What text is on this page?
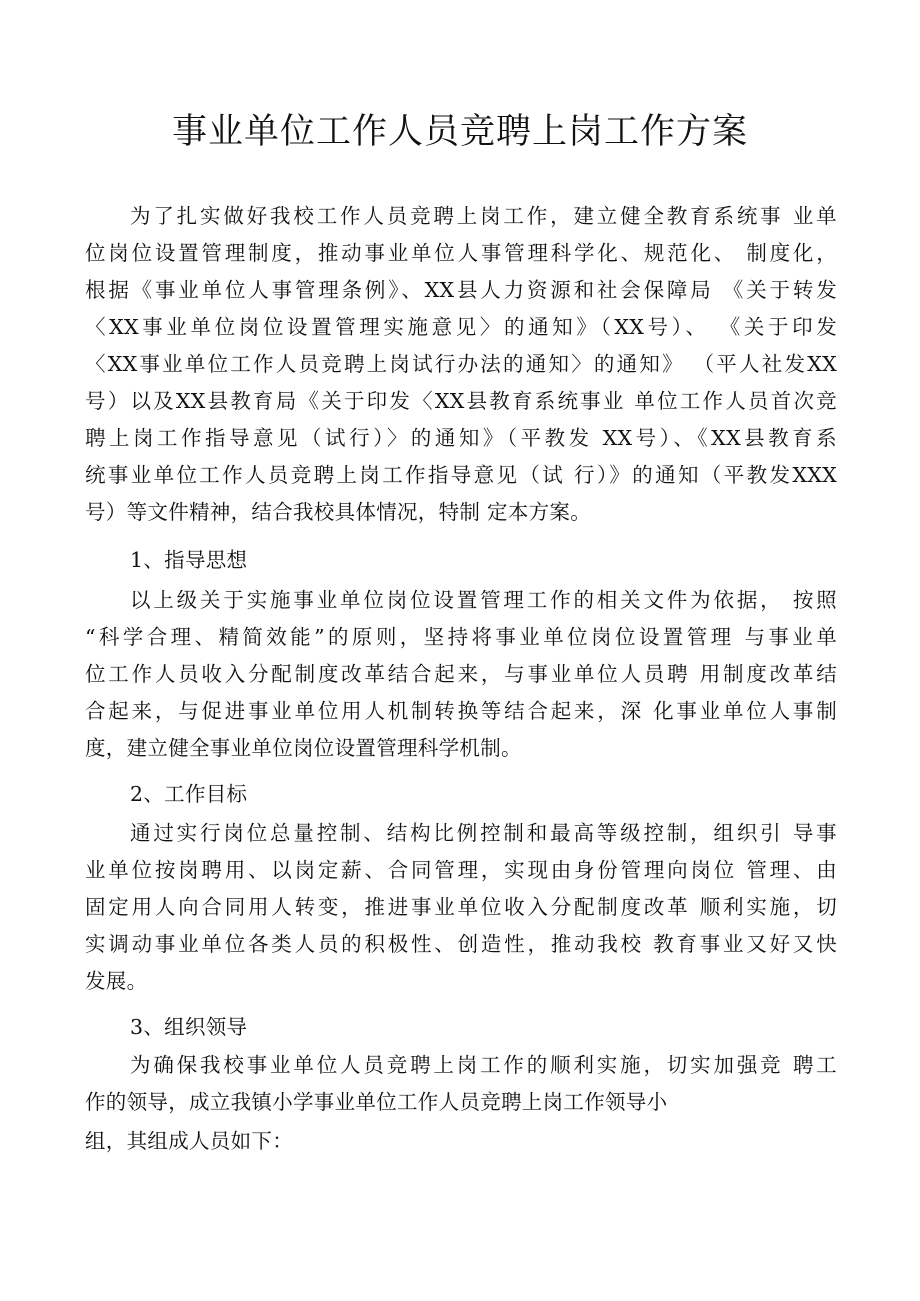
事业单位工作人员竞聘上岗工作方案
为了扎实做好我校工作人员竞聘上岗工作，建立健全教育系统事 业单
位岗位设置管理制度，推动事业单位人事管理科学化、规范化、 制度化，
根据《事业单位人事管理条例》、XX县人力资源和社会保障局 《关于转发
〈XX事业单位岗位设置管理实施意见〉的通知》（XX号）、 《关于印发
〈XX事业单位工作人员竞聘上岗试行办法的通知〉的通知》 （平人社发XX
号）以及XX县教育局《关于印发〈XX县教育系统事业 单位工作人员首次竞
聘上岗工作指导意见（试行）〉的通知》（平教发 XX号）、《XX县教育系
统事业单位工作人员竞聘上岗工作指导意见（试 行）》的通知（平教发XXX
号）等文件精神，结合我校具体情况，特制 定本方案。
1、指导思想
以上级关于实施事业单位岗位设置管理工作的相关文件为依据， 按照
“科学合理、精简效能”的原则，坚持将事业单位岗位设置管理 与事业单
位工作人员收入分配制度改革结合起来，与事业单位人员聘 用制度改革结
合起来，与促进事业单位用人机制转换等结合起来，深 化事业单位人事制
度，建立健全事业单位岗位设置管理科学机制。
2、工作目标
通过实行岗位总量控制、结构比例控制和最高等级控制，组织引 导事
业单位按岗聘用、以岗定薪、合同管理，实现由身份管理向岗位 管理、由
固定用人向合同用人转变，推进事业单位收入分配制度改革 顺利实施，切
实调动事业单位各类人员的积极性、创造性，推动我校 教育事业又好又快
发展。
3、组织领导
为确保我校事业单位人员竞聘上岗工作的顺利实施，切实加强竞 聘工
作的领导，成立我镇小学事业单位工作人员竞聘上岗工作领导小
组，其组成人员如下：
